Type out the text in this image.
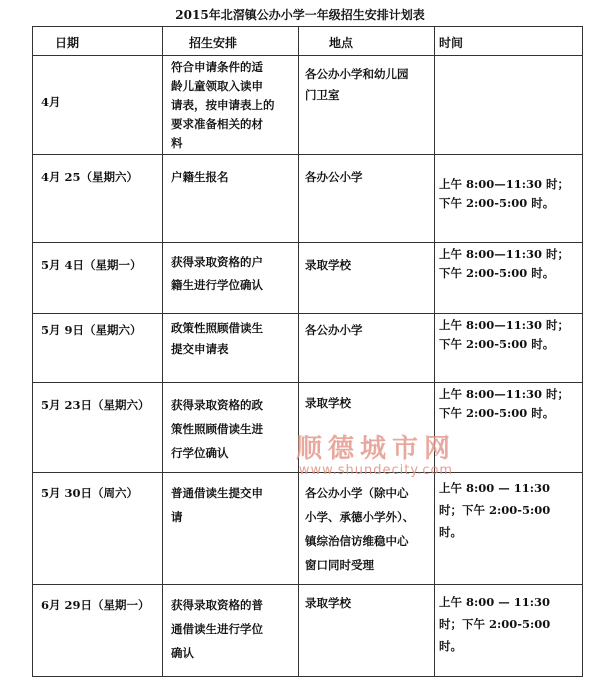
2015年北滘镇公办小学一年级招生安排计划表
日期	招生安排	地点	时间

4月	符合申请条件的适
龄儿童领取入读申
请表，按申请表上的
要求准备相关的材
料	各公办小学和幼儿园
门卫室	

4月 25（星期六）	户籍生报名	各办公小学	上午 8:00—11:30 时；
下午 2:00-5:00 时。

5月 4日（星期一）	获得录取资格的户
籍生进行学位确认	录取学校	上午 8:00—11:30 时；
下午 2:00-5:00 时。

5月 9日（星期六）	政策性照顾借读生
提交申请表	各公办小学	上午 8:00—11:30 时；
下午 2:00-5:00 时。

5月 23日（星期六）	获得录取资格的政
策性照顾借读生进
行学位确认	录取学校	上午 8:00—11:30 时；
下午 2:00-5:00 时。

5月 30日（周六）	普通借读生提交申
请	各公办小学（除中心
小学、承德小学外）、
镇综治信访维稳中心
窗口同时受理	上午 8:00 — 11:30
时；下午 2:00-5:00
时。

6月 29日（星期一）	获得录取资格的普
通借读生进行学位
确认	录取学校	上午 8:00 — 11:30
时；下午 2:00-5:00
时。
顺德城市网
www.shundecity.com
